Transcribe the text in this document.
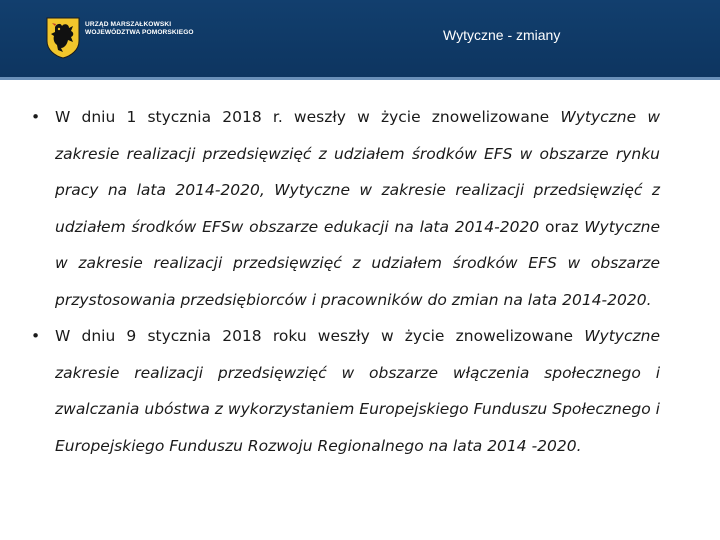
URZĄD MARSZAŁKOWSKI
WOJEWÓDZTWA POMORSKIEGO	Wytyczne - zmiany
• W dniu 1 stycznia 2018 r. weszły w życie znowelizowane Wytyczne w zakresie realizacji przedsięwzięć z udziałem środków EFS w obszarze rynku pracy na lata 2014-2020, Wytyczne w zakresie realizacji przedsięwzięć z udziałem środków EFSw obszarze edukacji na lata 2014-2020 oraz Wytyczne w zakresie realizacji przedsięwzięć z udziałem środków EFS w obszarze przystosowania przedsiębiorców i pracowników do zmian na lata 2014-2020.

• W dniu 9 stycznia 2018 roku weszły w życie znowelizowane Wytyczne zakresie realizacji przedsięwzięć w obszarze włączenia społecznego i zwalczania ubóstwa z wykorzystaniem Europejskiego Funduszu Społecznego i Europejskiego Funduszu Rozwoju Regionalnego na lata 2014 -2020.
